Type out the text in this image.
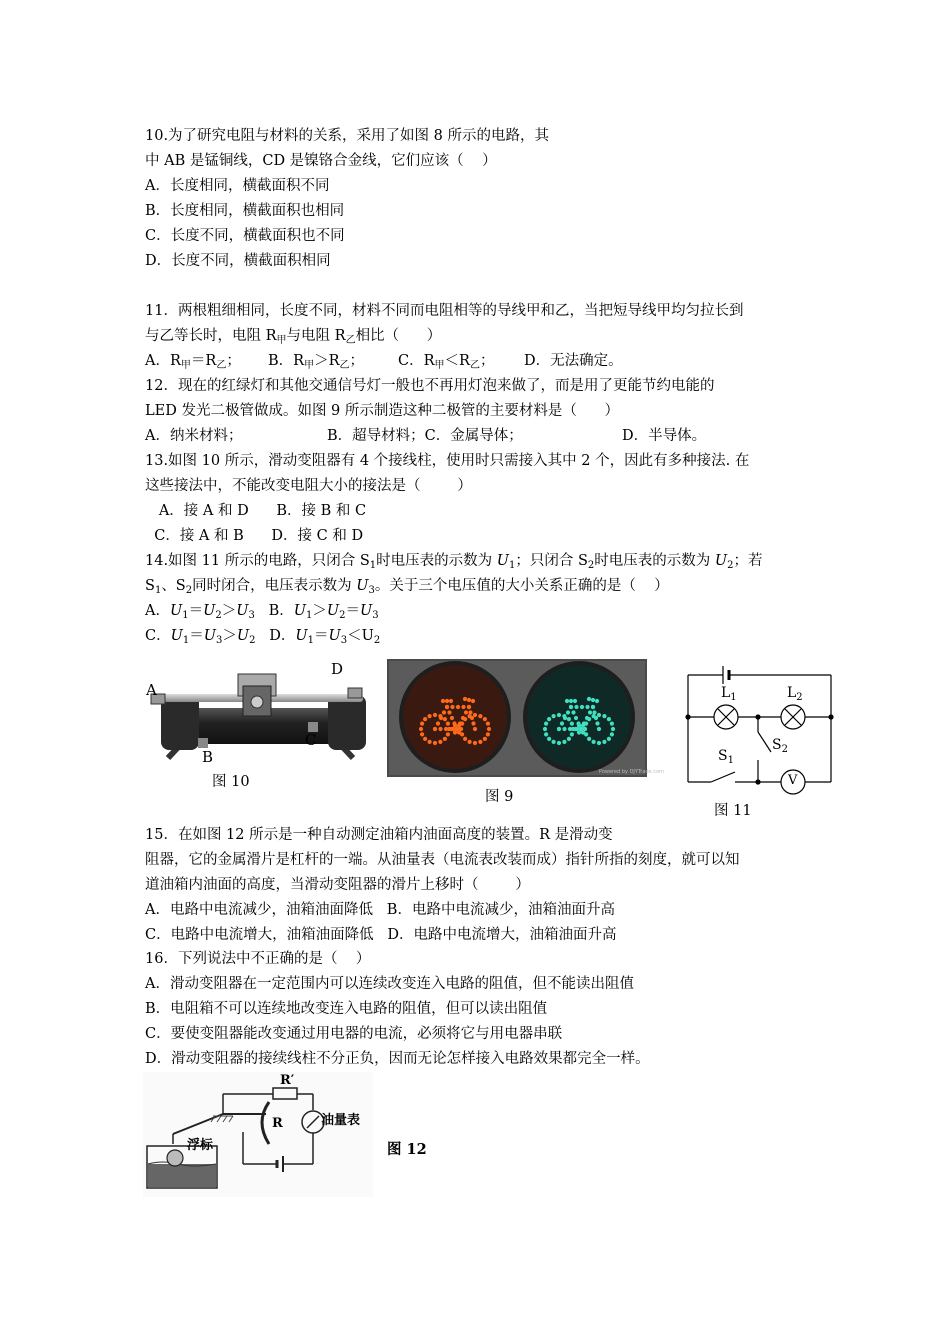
10.为了研究电阻与材料的关系，采用了如图 8 所示的电路，其
中 AB 是锰铜线，CD 是镍铬合金线，它们应该（    ）
A．长度相同，横截面积不同
B．长度相同，横截面积也相同
C．长度不同，横截面积也不同
D．长度不同，横截面积相同
11．两根粗细相同，长度不同，材料不同而电阻相等的导线甲和乙，当把短导线甲均匀拉长到
与乙等长时，电阻 $R_甲$与电阻 $R_乙$相比（      ）
A．$R_甲=R_乙$； B．$R_甲>R_乙$； C．$R_甲<R_乙$； D．无法确定。
12．现在的红绿灯和其他交通信号灯一般也不再用灯泡来做了，而是用了更能节约电能的
LED 发光二极管做成。如图 9 所示制造这种二极管的主要材料是（      ）
A．纳米材料；	B．超导材料；C．金属导体；	D．半导体。
13.如图 10 所示，滑动变阻器有 4 个接线柱，使用时只需接入其中 2 个，因此有多种接法. 在
这些接法中，不能改变电阻大小的接法是（        ）
A．接 A 和 D      B．接 B 和 C
C．接 A 和 B      D．接 C 和 D
14.如图 11 所示的电路，只闭合 $S_1$时电压表的示数为 $U_1$；只闭合 $S_2$时电压表的示数为 $U_2$；若
$S_1$、$S_2$同时闭合，电压表示数为 $U_3$。关于三个电压值的大小关系正确的是（    ）
A．$U_1=U_2>U_3$ B．$U_1>U_2=U_3$
C．$U_1=U_3>U_2$ D．$U_1=U_3<U_2$
A
B
C
D
图 10
Powered by DJYTrade.com
图 9
$L_1$	$L_2$
$S_1$
$S_2$
V
图 11
15．在如图 12 所示是一种自动测定油箱内油面高度的装置。R 是滑动变
阻器，它的金属滑片是杠杆的一端。从油量表（电流表改装而成）指针所指的刻度，就可以知
道油箱内油面的高度，当滑动变阻器的滑片上移时（        ）
A．电路中电流减少，油箱油面降低   B．电路中电流减少，油箱油面升高
C．电路中电流增大，油箱油面降低   D．电路中电流增大，油箱油面升高
16．下列说法中不正确的是（    ）
A．滑动变阻器在一定范围内可以连续改变连入电路的阻值，但不能读出阻值
B．电阻箱不可以连续地改变连入电路的阻值，但可以读出阻值
C．要使变阻器能改变通过用电器的电流，必须将它与用电器串联
D．滑动变阻器的接续线柱不分正负，因而无论怎样接入电路效果都完全一样。
R′
R	油量表
浮标	图 12
